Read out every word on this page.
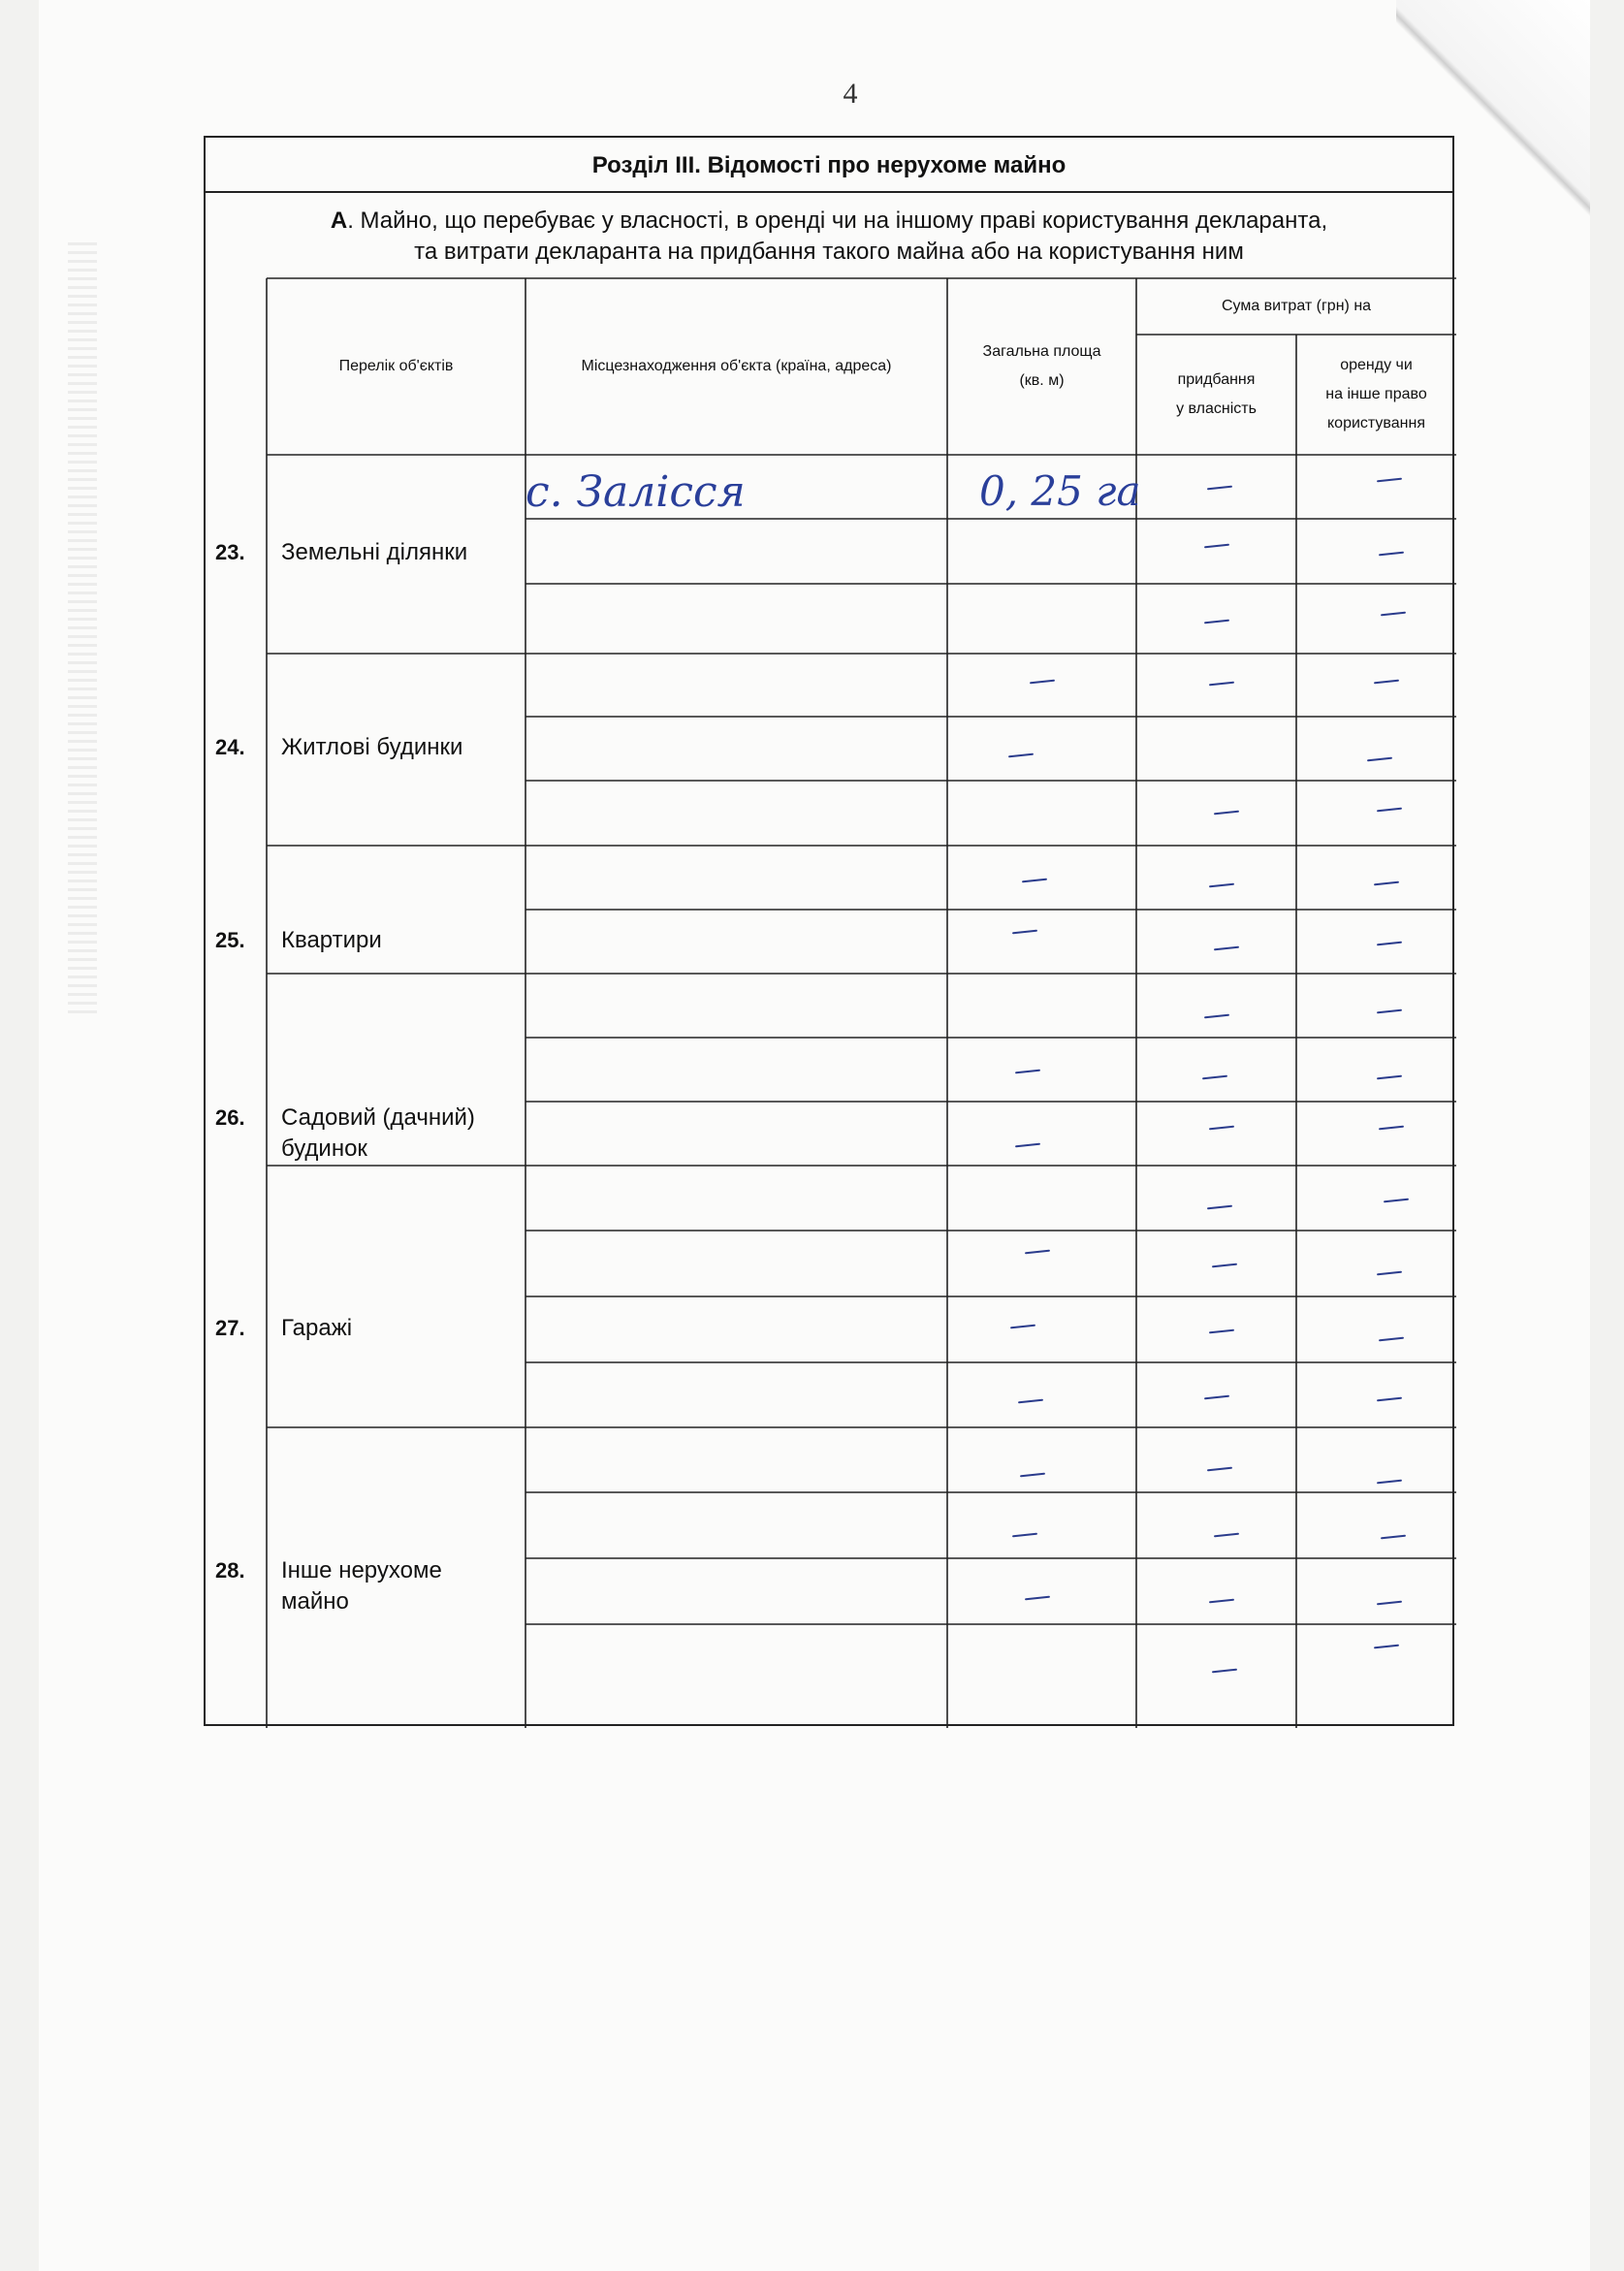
4
Розділ ІІІ. Відомості про нерухоме майно
А. Майно, що перебуває у власності, в оренді чи на іншому праві користування декларанта,
та витрати декларанта на придбання такого майна або на користування ним
Перелік об'єктів	Місцезнаходження об'єкта (країна, адреса)
Загальна площа
(кв. м)
Сума витрат (грн) на
придбання
у власність
оренду чи
на інше право
користування
23. Земельні ділянки
24. Житлові будинки
25. Квартири
26. Садовий (дачний)
будинок
27. Гаражі
28. Інше нерухоме
майно
с. Залісся	0, 25 га
